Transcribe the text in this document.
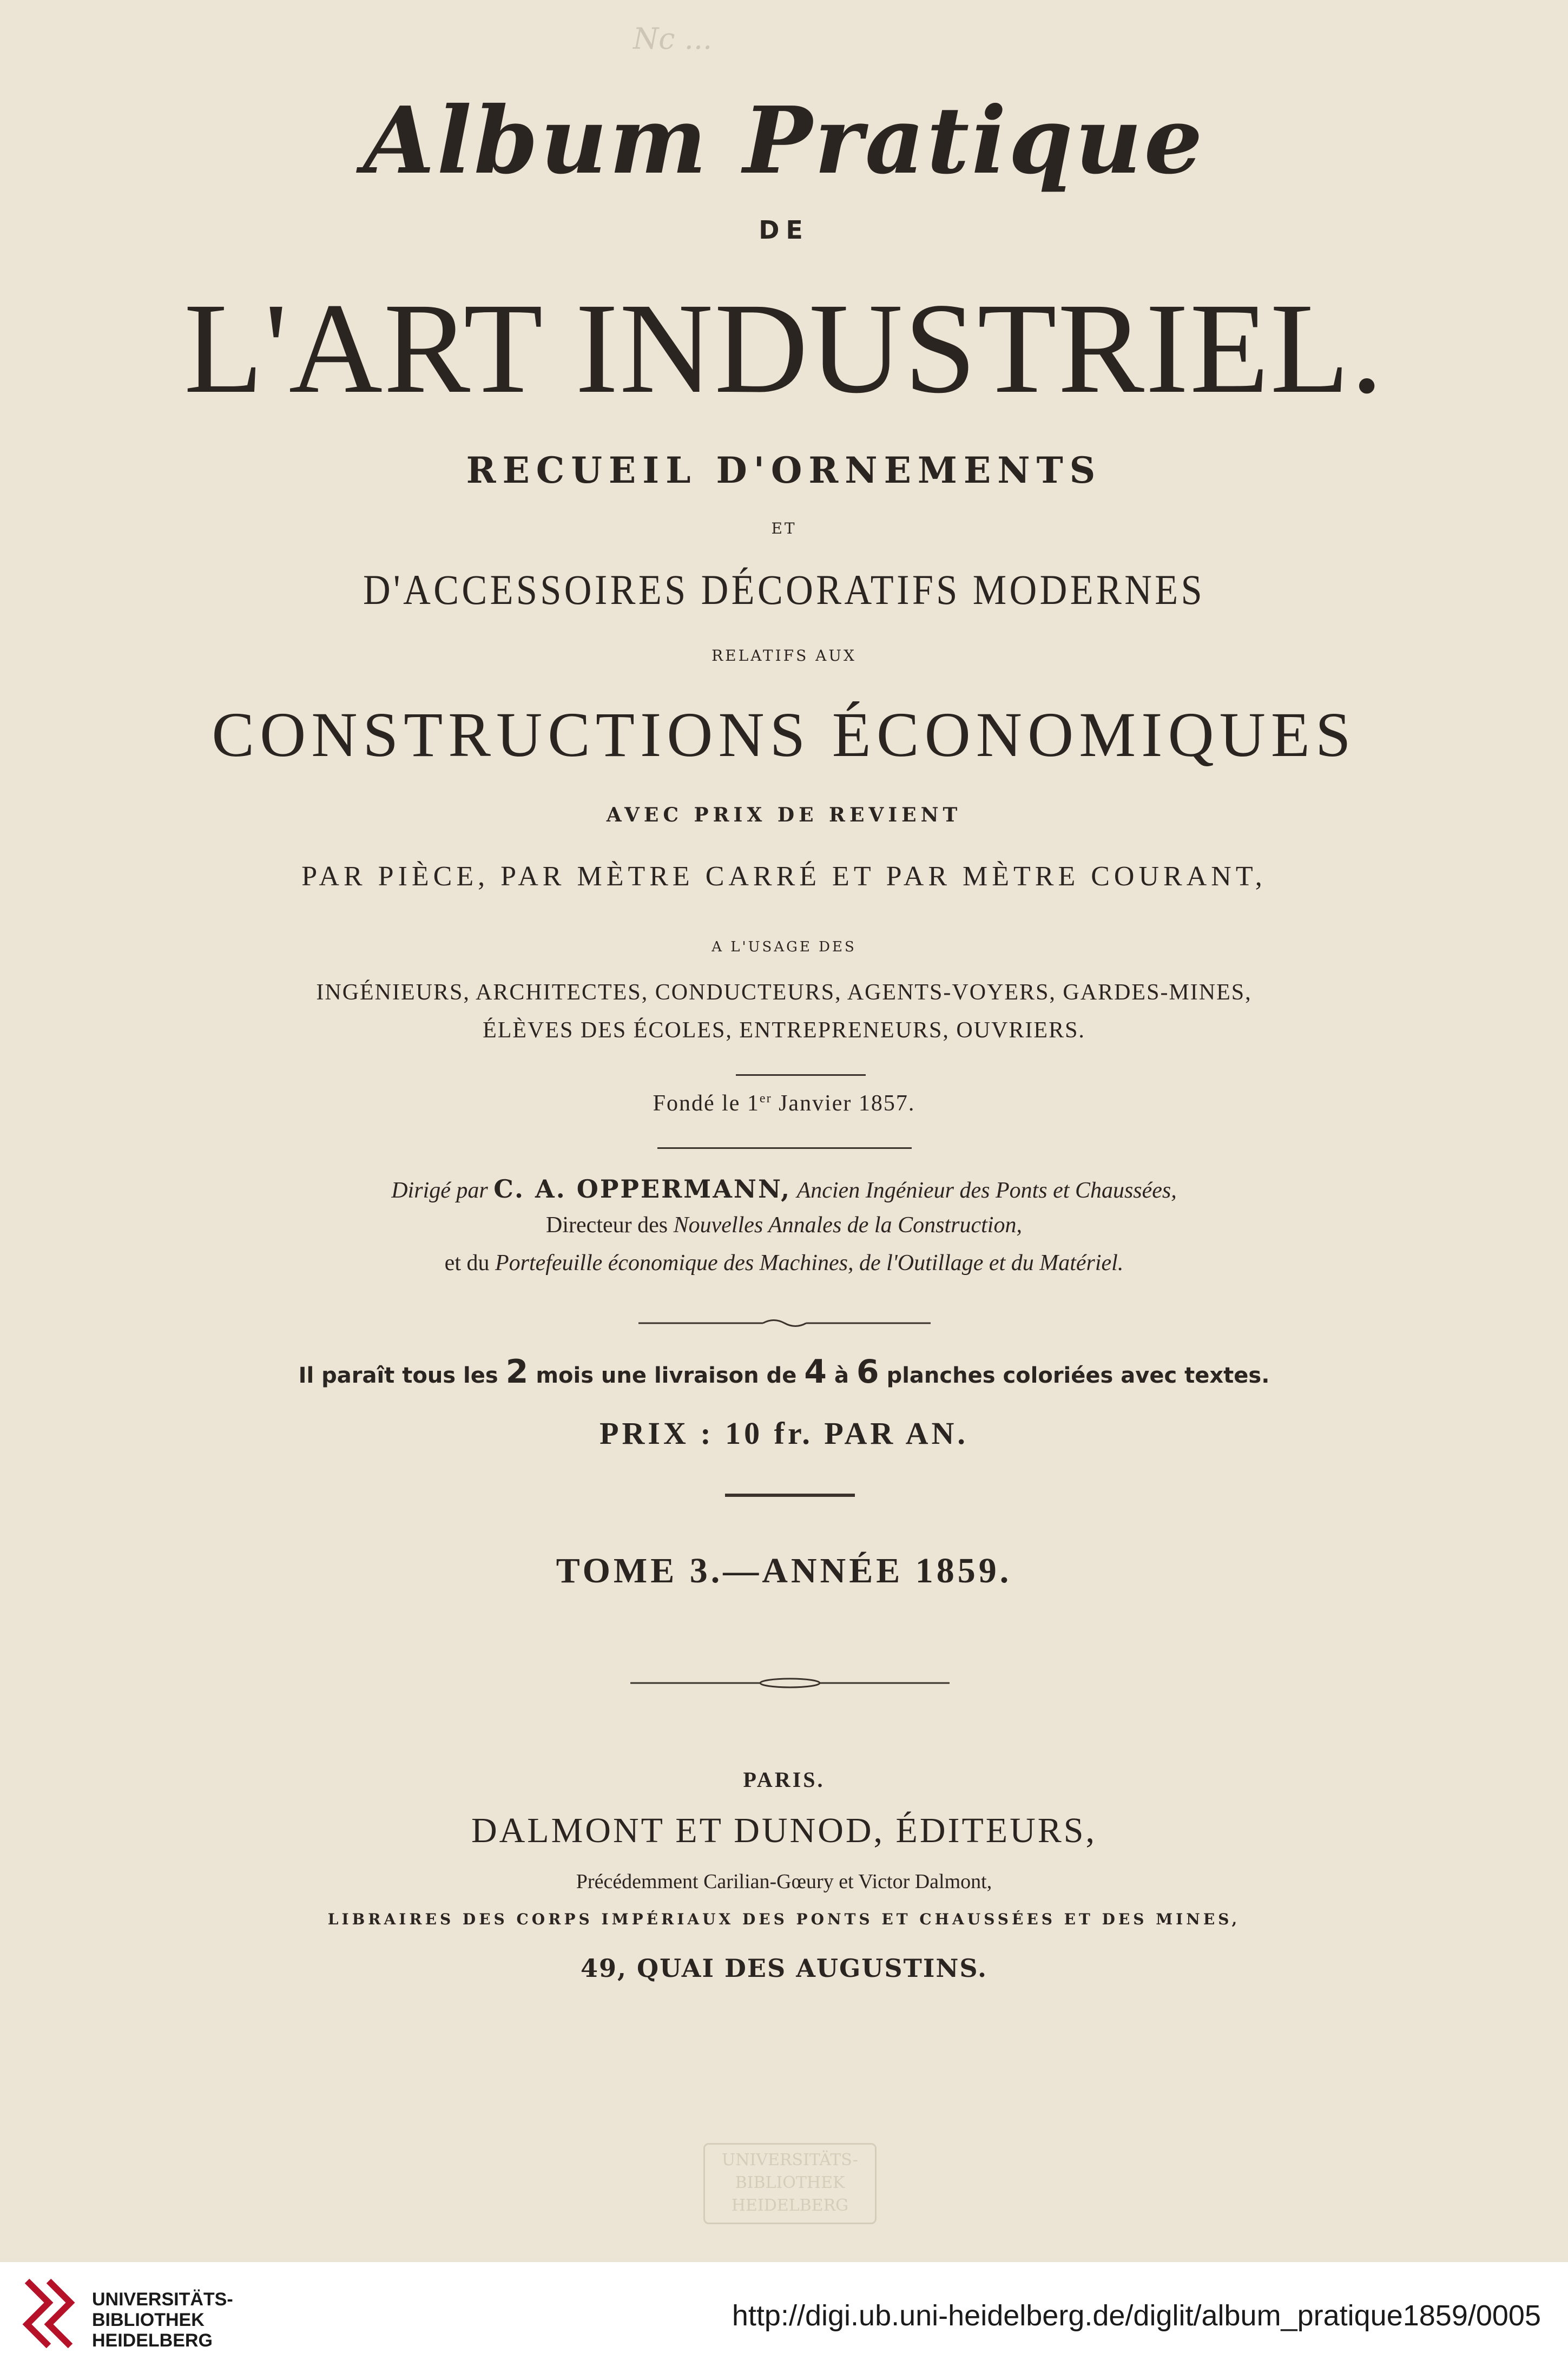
Nc ...
Album Pratique
DE
L'ART INDUSTRIEL.
RECUEIL D'ORNEMENTS
ET
D'ACCESSOIRES DÉCORATIFS MODERNES
RELATIFS AUX
CONSTRUCTIONS ÉCONOMIQUES
AVEC PRIX DE REVIENT
PAR PIÈCE, PAR MÈTRE CARRÉ ET PAR MÈTRE COURANT,
A L'USAGE DES
INGÉNIEURS, ARCHITECTES, CONDUCTEURS, AGENTS-VOYERS, GARDES-MINES,
ÉLÈVES DES ÉCOLES, ENTREPRENEURS, OUVRIERS.
Fondé le 1er Janvier 1857.
Dirigé par C. A. OPPERMANN, Ancien Ingénieur des Ponts et Chaussées,
Directeur des Nouvelles Annales de la Construction,
et du Portefeuille économique des Machines, de l'Outillage et du Matériel.
Il paraît tous les 2 mois une livraison de 4 à 6 planches coloriées avec textes.
PRIX : 10 fr. PAR AN.
TOME 3.—ANNÉE 1859.
PARIS.
DALMONT ET DUNOD, ÉDITEURS,
Précédemment Carilian-Gœury et Victor Dalmont,
LIBRAIRES DES CORPS IMPÉRIAUX DES PONTS ET CHAUSSÉES ET DES MINES,
49, QUAI DES AUGUSTINS.
UNIVERSITÄTS-
BIBLIOTHEK
HEIDELBERG
UNIVERSITÄTS-
BIBLIOTHEK
HEIDELBERG
http://digi.ub.uni-heidelberg.de/diglit/album_pratique1859/0005
